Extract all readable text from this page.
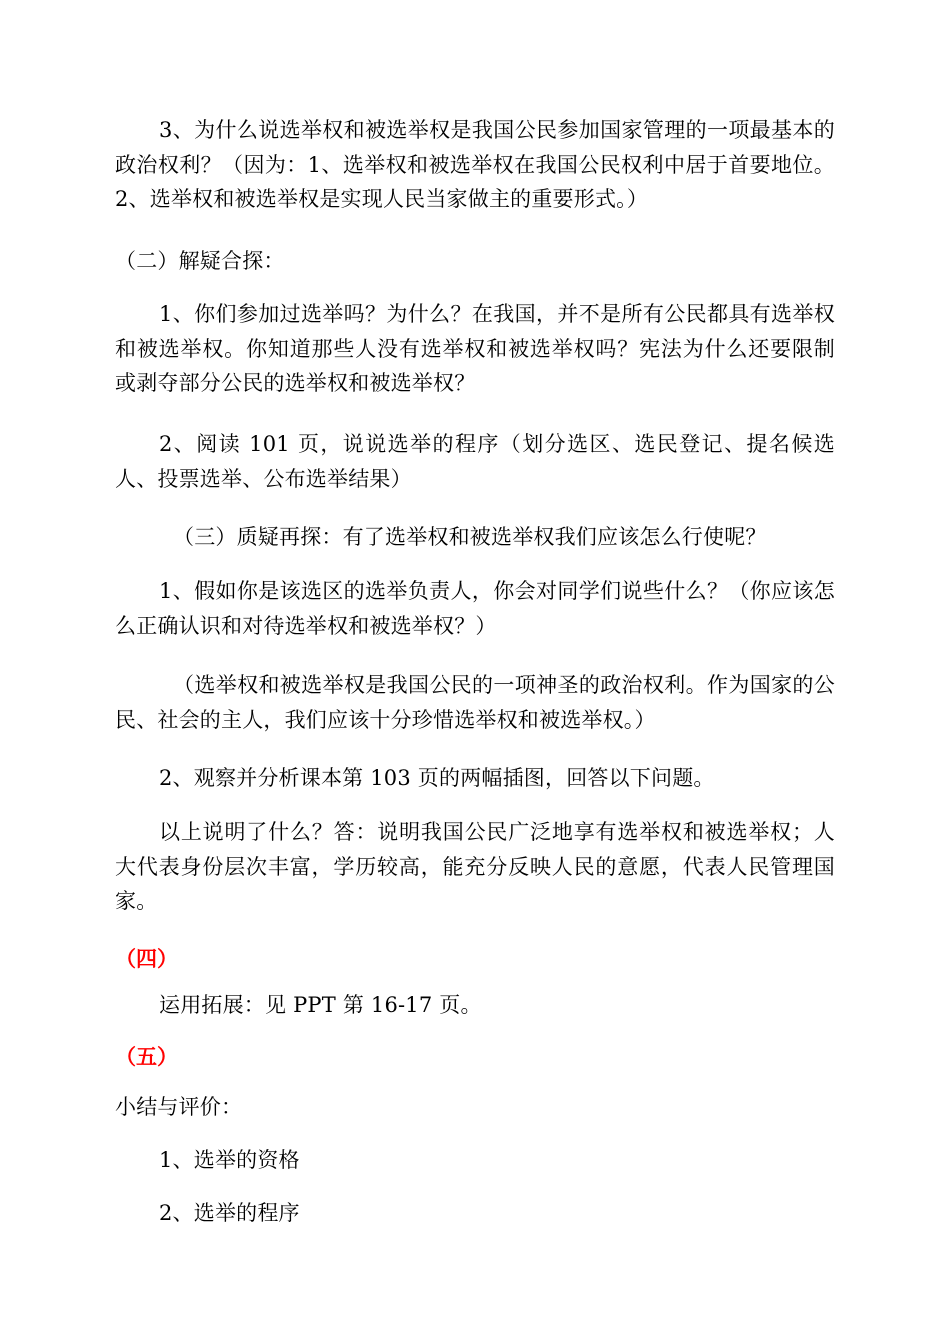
3、为什么说选举权和被选举权是我国公民参加国家管理的一项最基本的政治权利？（因为：1、选举权和被选举权在我国公民权利中居于首要地位。2、选举权和被选举权是实现人民当家做主的重要形式。）

（二）解疑合探：

1、你们参加过选举吗？为什么？在我国，并不是所有公民都具有选举权和被选举权。你知道那些人没有选举权和被选举权吗？宪法为什么还要限制或剥夺部分公民的选举权和被选举权？

2、阅读 101 页，说说选举的程序（划分选区、选民登记、提名候选人、投票选举、公布选举结果）

（三）质疑再探：有了选举权和被选举权我们应该怎么行使呢？

1、假如你是该选区的选举负责人，你会对同学们说些什么？（你应该怎么正确认识和对待选举权和被选举权？）

（选举权和被选举权是我国公民的一项神圣的政治权利。作为国家的公民、社会的主人，我们应该十分珍惜选举权和被选举权。）

2、观察并分析课本第 103 页的两幅插图，回答以下问题。

以上说明了什么？答：说明我国公民广泛地享有选举权和被选举权；人大代表身份层次丰富，学历较高，能充分反映人民的意愿，代表人民管理国家。

（四）

运用拓展：见 PPT 第 16-17 页。

（五）

小结与评价：

1、选举的资格

2、选举的程序
